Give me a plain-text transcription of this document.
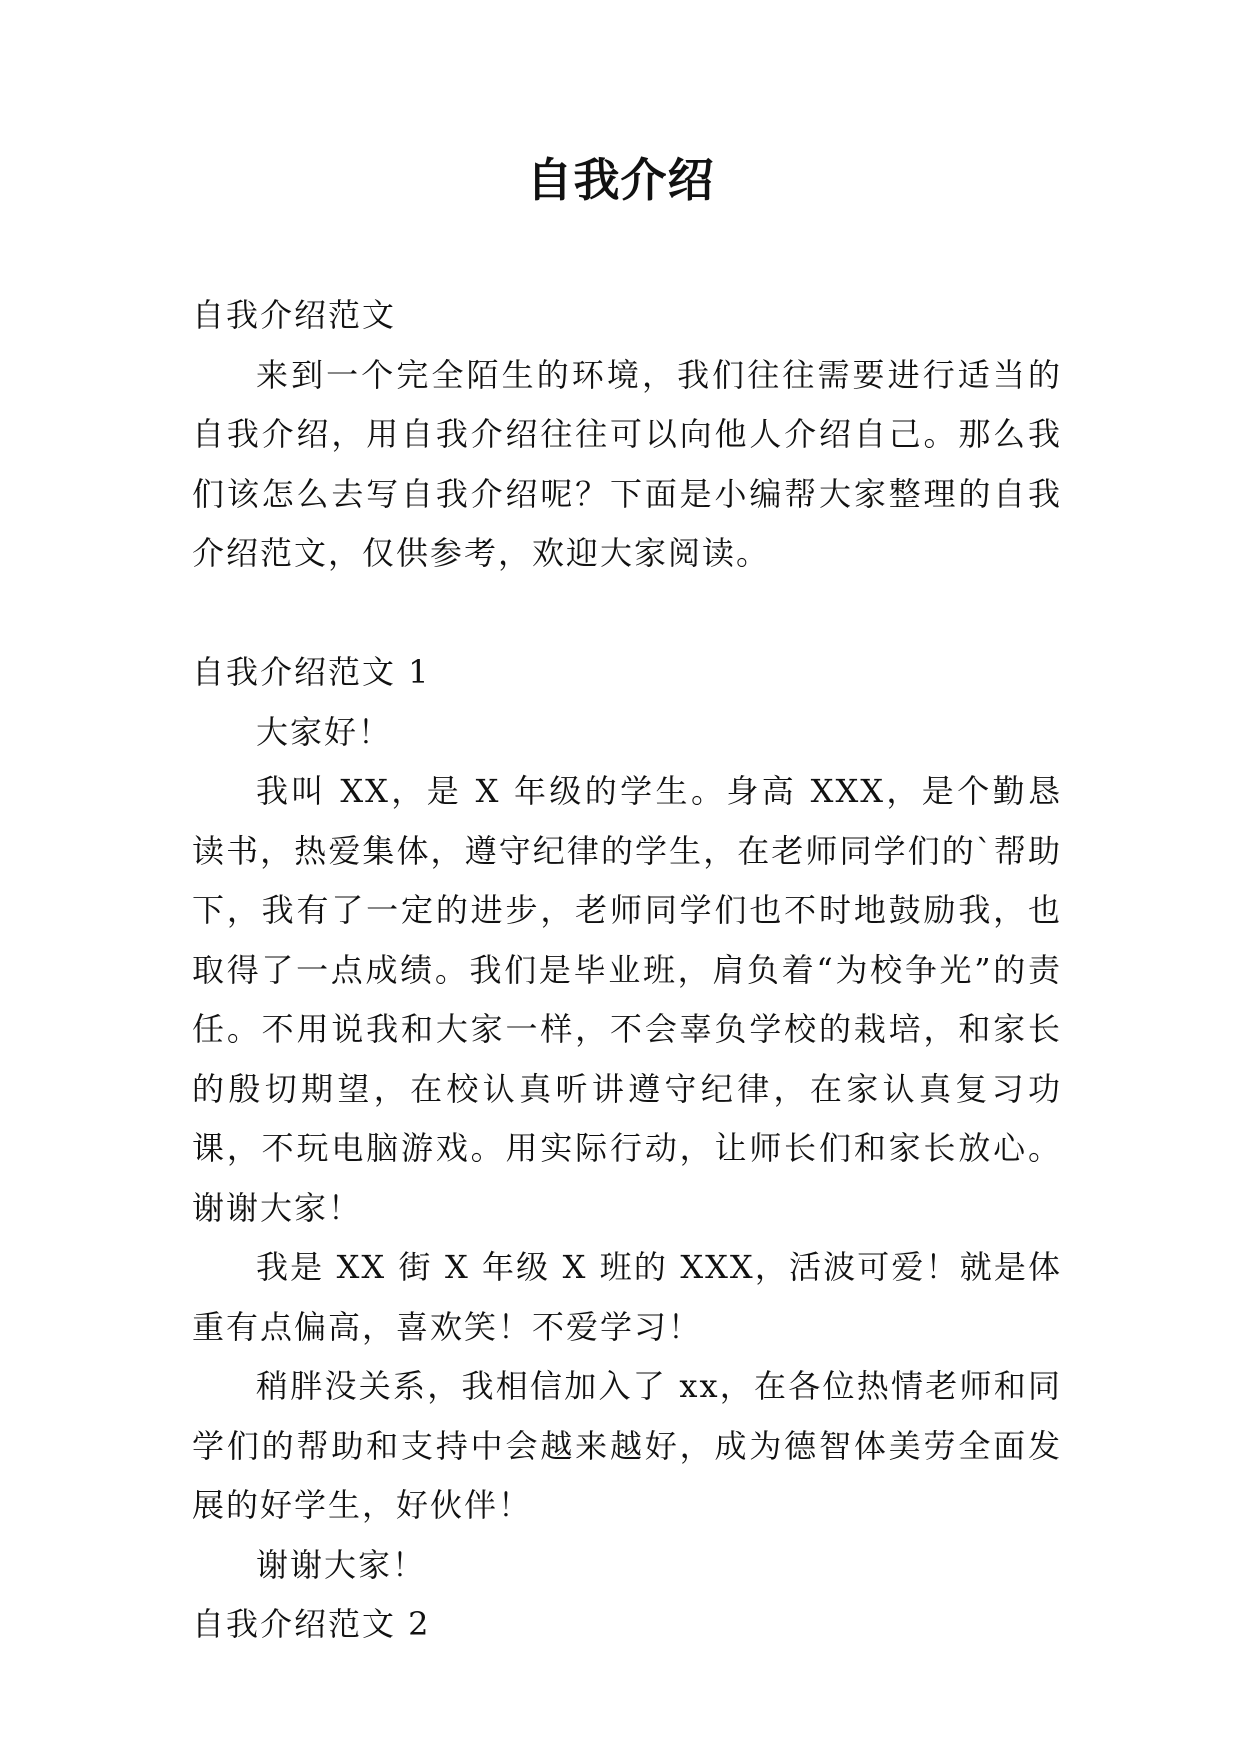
自我介绍

自我介绍范文

来到一个完全陌生的环境，我们往往需要进行适当的自我介绍，用自我介绍往往可以向他人介绍自己。那么我们该怎么去写自我介绍呢？下面是小编帮大家整理的自我介绍范文，仅供参考，欢迎大家阅读。

自我介绍范文 1

大家好！

我叫 XX，是 X 年级的学生。身高 XXX，是个勤恳读书，热爱集体，遵守纪律的学生，在老师同学们的`帮助下，我有了一定的进步，老师同学们也不时地鼓励我，也取得了一点成绩。我们是毕业班，肩负着“为校争光”的责任。不用说我和大家一样，不会辜负学校的栽培，和家长的殷切期望，在校认真听讲遵守纪律，在家认真复习功课，不玩电脑游戏。用实际行动，让师长们和家长放心。谢谢大家！

我是 XX 街 X 年级 X 班的 XXX，活波可爱！就是体重有点偏高，喜欢笑！不爱学习！

稍胖没关系，我相信加入了 xx，在各位热情老师和同学们的帮助和支持中会越来越好，成为德智体美劳全面发展的好学生，好伙伴！

谢谢大家！

自我介绍范文 2
